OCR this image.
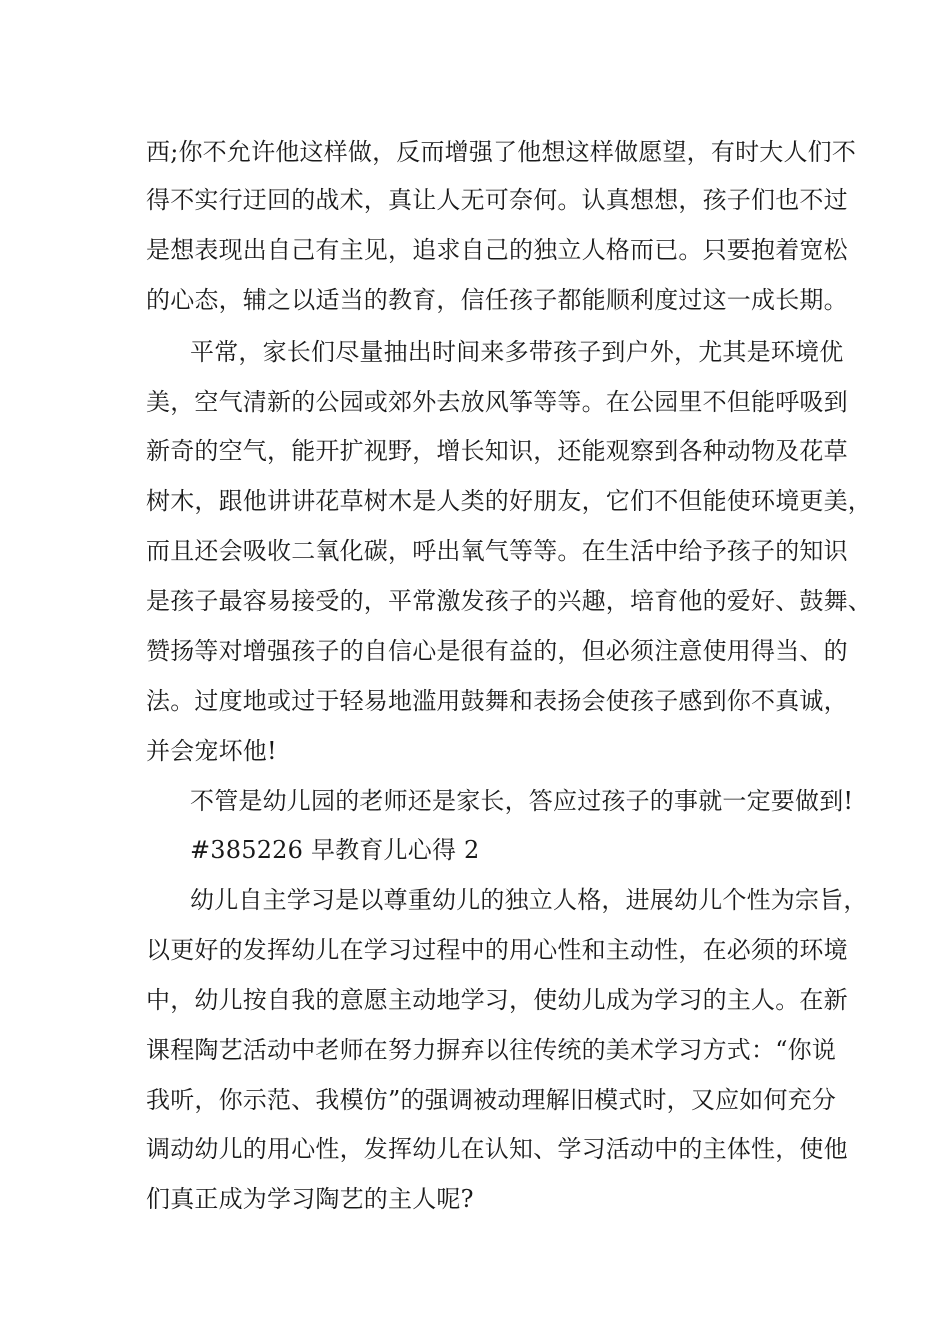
西;你不允许他这样做，反而增强了他想这样做愿望，有时大人们不
得不实行迂回的战术，真让人无可奈何。认真想想，孩子们也不过
是想表现出自己有主见，追求自己的独立人格而已。只要抱着宽松
的心态，辅之以适当的教育，信任孩子都能顺利度过这一成长期。
平常，家长们尽量抽出时间来多带孩子到户外，尤其是环境优
美，空气清新的公园或郊外去放风筝等等。在公园里不但能呼吸到
新奇的空气，能开扩视野，增长知识，还能观察到各种动物及花草
树木，跟他讲讲花草树木是人类的好朋友，它们不但能使环境更美，
而且还会吸收二氧化碳，呼出氧气等等。在生活中给予孩子的知识
是孩子最容易接受的，平常激发孩子的兴趣，培育他的爱好、鼓舞、
赞扬等对增强孩子的自信心是很有益的，但必须注意使用得当、的
法。过度地或过于轻易地滥用鼓舞和表扬会使孩子感到你不真诚，
并会宠坏他!
不管是幼儿园的老师还是家长，答应过孩子的事就一定要做到!
#385226 早教育儿心得 2
幼儿自主学习是以尊重幼儿的独立人格，进展幼儿个性为宗旨，
以更好的发挥幼儿在学习过程中的用心性和主动性，在必须的环境
中，幼儿按自我的意愿主动地学习，使幼儿成为学习的主人。在新
课程陶艺活动中老师在努力摒弃以往传统的美术学习方式：“你说
我听，你示范、我模仿”的强调被动理解旧模式时，又应如何充分
调动幼儿的用心性，发挥幼儿在认知、学习活动中的主体性，使他
们真正成为学习陶艺的主人呢?
